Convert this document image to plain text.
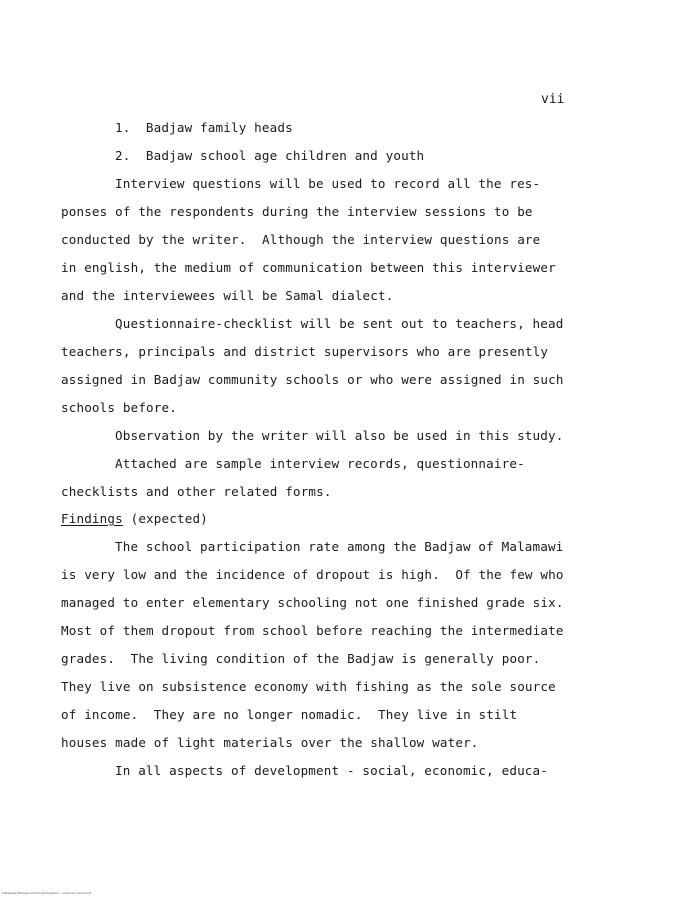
vii
1.  Badjaw family heads
2.  Badjaw school age children and youth
Interview questions will be used to record all the res-
ponses of the respondents during the interview sessions to be
conducted by the writer.  Although the interview questions are
in english, the medium of communication between this interviewer
and the interviewees will be Samal dialect.
Questionnaire-checklist will be sent out to teachers, head
teachers, principals and district supervisors who are presently
assigned in Badjaw community schools or who were assigned in such
schools before.
Observation by the writer will also be used in this study.
Attached are sample interview records, questionnaire-
checklists and other related forms.
Findings (expected)
The school participation rate among the Badjaw of Malamawi
is very low and the incidence of dropout is high.  Of the few who
managed to enter elementary schooling not one finished grade six.
Most of them dropout from school before reaching the intermediate
grades.  The living condition of the Badjaw is generally poor.
They live on subsistence economy with fishing as the sole source
of income.  They are no longer nomadic.  They live in stilt
houses made of light materials over the shallow water.
In all aspects of development - social, economic, educa-
Malamawi Badjaw school participation · scanned document
